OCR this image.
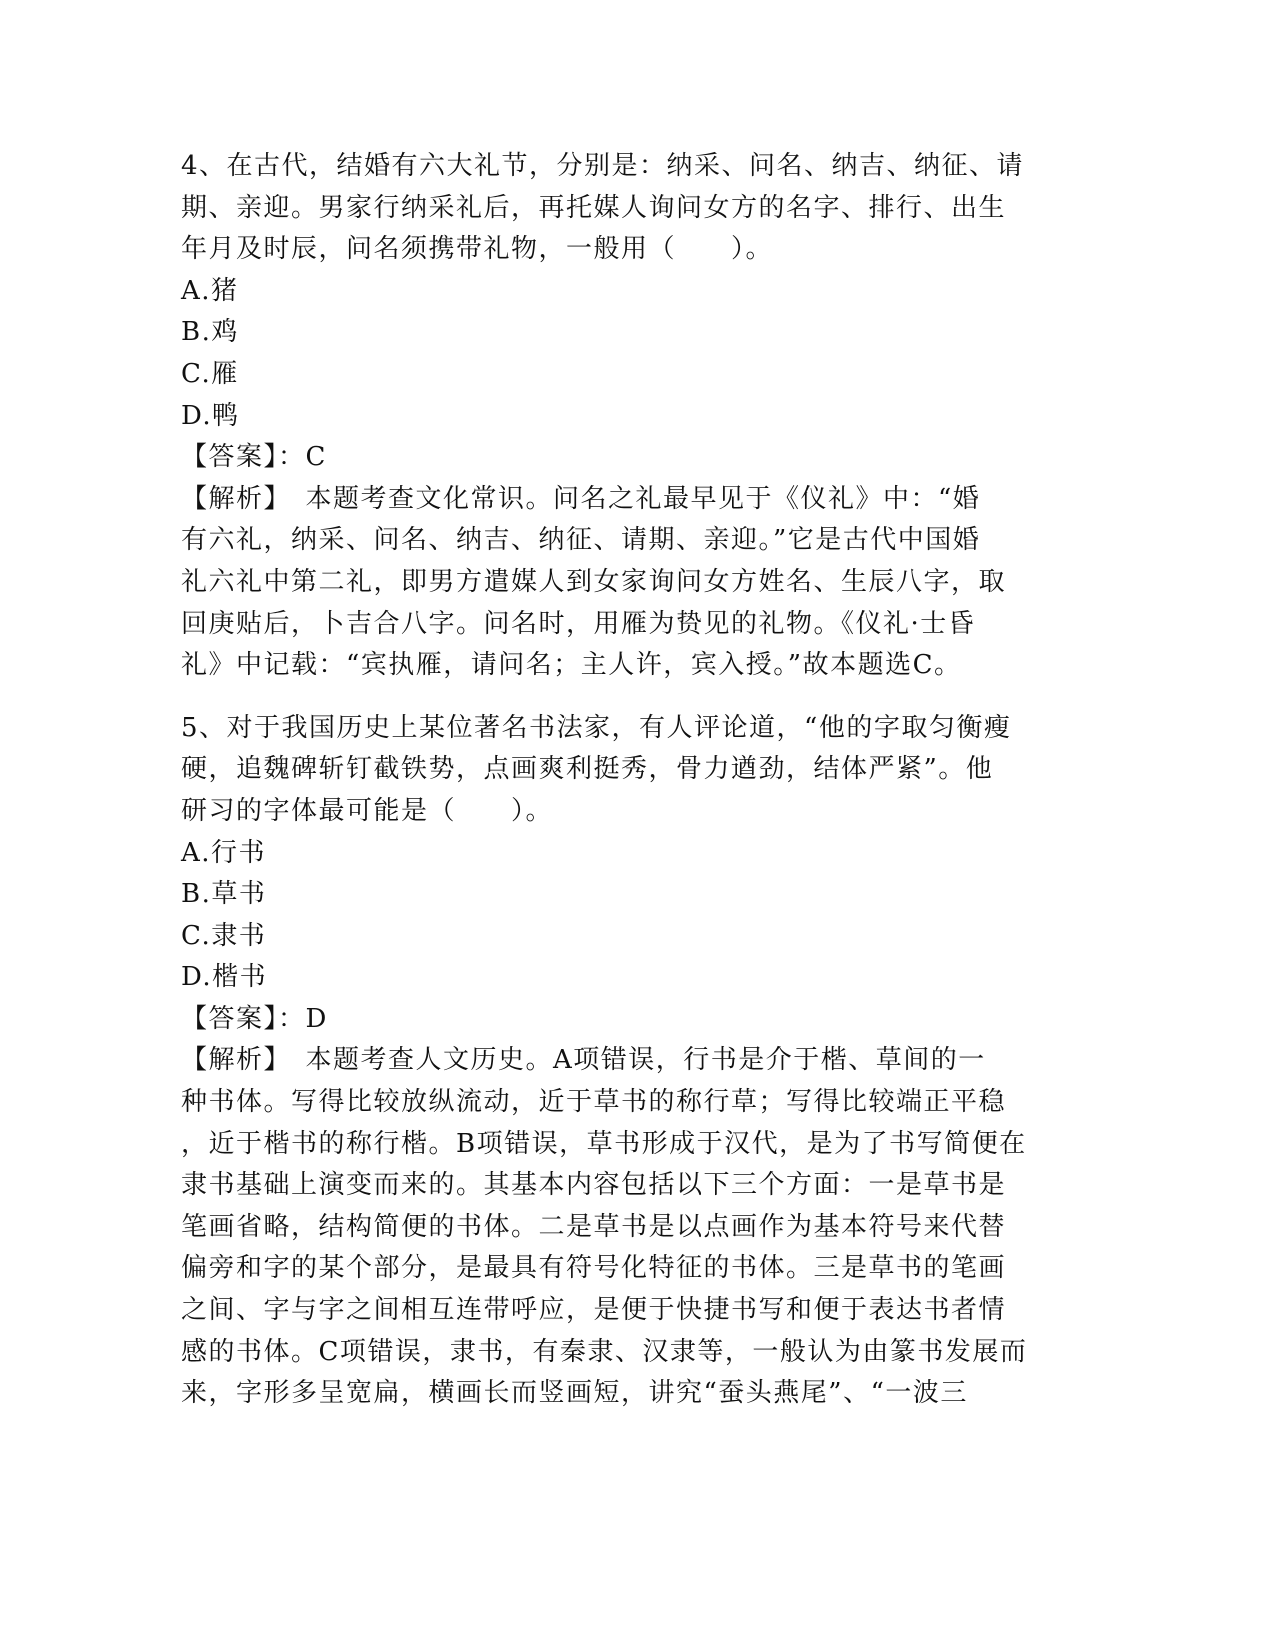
4、在古代，结婚有六大礼节，分别是：纳采、问名、纳吉、纳征、请
期、亲迎。男家行纳采礼后，再托媒人询问女方的名字、排行、出生
年月及时辰，问名须携带礼物，一般用（　　）。
A.猪
B.鸡
C.雁
D.鸭
【答案】：C
【解析】　本题考查文化常识。问名之礼最早见于《仪礼》中：“婚
有六礼，纳采、问名、纳吉、纳征、请期、亲迎。”它是古代中国婚
礼六礼中第二礼，即男方遣媒人到女家询问女方姓名、生辰八字，取
回庚贴后，卜吉合八字。问名时，用雁为贽见的礼物。《仪礼·士昏
礼》中记载：“宾执雁，请问名；主人许，宾入授。”故本题选C。
5、对于我国历史上某位著名书法家，有人评论道，“他的字取匀衡瘦
硬，追魏碑斩钉截铁势，点画爽利挺秀，骨力遒劲，结体严紧”。他
研习的字体最可能是（　　）。
A.行书
B.草书
C.隶书
D.楷书
【答案】：D
【解析】　本题考查人文历史。A项错误，行书是介于楷、草间的一
种书体。写得比较放纵流动，近于草书的称行草；写得比较端正平稳
，近于楷书的称行楷。B项错误，草书形成于汉代，是为了书写简便在
隶书基础上演变而来的。其基本内容包括以下三个方面：一是草书是
笔画省略，结构简便的书体。二是草书是以点画作为基本符号来代替
偏旁和字的某个部分，是最具有符号化特征的书体。三是草书的笔画
之间、字与字之间相互连带呼应，是便于快捷书写和便于表达书者情
感的书体。C项错误，隶书，有秦隶、汉隶等，一般认为由篆书发展而
来，字形多呈宽扁，横画长而竖画短，讲究“蚕头燕尾”、“一波三
